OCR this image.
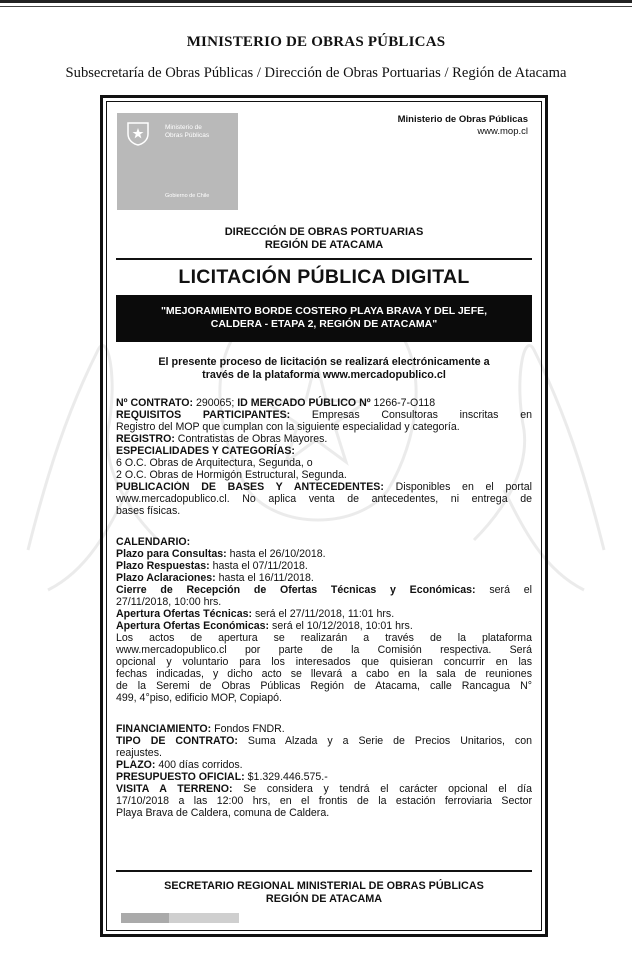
MINISTERIO DE OBRAS PÚBLICAS
Subsecretaría de Obras Públicas / Dirección de Obras Portuarias / Región de Atacama
Ministerio de
Obras Públicas
Gobierno de Chile
Ministerio de Obras Públicas
www.mop.cl
DIRECCIÓN DE OBRAS PORTUARIAS
REGIÓN DE ATACAMA
LICITACIÓN PÚBLICA DIGITAL
"MEJORAMIENTO BORDE COSTERO PLAYA BRAVA Y DEL JEFE,
CALDERA - ETAPA 2, REGIÓN DE ATACAMA"
El presente proceso de licitación se realizará electrónicamente a
través de la plataforma www.mercadopublico.cl
Nº CONTRATO: 290065; ID MERCADO PÚBLICO Nº 1266-7-O118
REQUISITOS PARTICIPANTES: Empresas Consultoras inscritas en
Registro del MOP que cumplan con la siguiente especialidad y categoría.
REGISTRO: Contratistas de Obras Mayores.
ESPECIALIDADES Y CATEGORÍAS:
6 O.C. Obras de Arquitectura, Segunda, o
2 O.C. Obras de Hormigón Estructural, Segunda.
PUBLICACIÓN DE BASES Y ANTECEDENTES: Disponibles en el portal
www.mercadopublico.cl. No aplica venta de antecedentes, ni entrega de
bases físicas.
CALENDARIO:
Plazo para Consultas: hasta el 26/10/2018.
Plazo Respuestas: hasta el 07/11/2018.
Plazo Aclaraciones: hasta el 16/11/2018.
Cierre de Recepción de Ofertas Técnicas y Económicas: será el
27/11/2018, 10:00 hrs.
Apertura Ofertas Técnicas: será el 27/11/2018, 11:01 hrs.
Apertura Ofertas Económicas: será el 10/12/2018, 10:01 hrs.
Los actos de apertura se realizarán a través de la plataforma
www.mercadopublico.cl por parte de la Comisión respectiva. Será
opcional y voluntario para los interesados que quisieran concurrir en las
fechas indicadas, y dicho acto se llevará a cabo en la sala de reuniones
de la Seremi de Obras Públicas Región de Atacama, calle Rancagua N°
499, 4°piso, edificio MOP, Copiapó.
FINANCIAMIENTO: Fondos FNDR.
TIPO DE CONTRATO: Suma Alzada y a Serie de Precios Unitarios, con
reajustes.
PLAZO: 400 días corridos.
PRESUPUESTO OFICIAL: $1.329.446.575.-
VISITA A TERRENO: Se considera y tendrá el carácter opcional el día
17/10/2018 a las 12:00 hrs, en el frontis de la estación ferroviaria Sector
Playa Brava de Caldera, comuna de Caldera.
SECRETARIO REGIONAL MINISTERIAL DE OBRAS PÚBLICAS
REGIÓN DE ATACAMA
